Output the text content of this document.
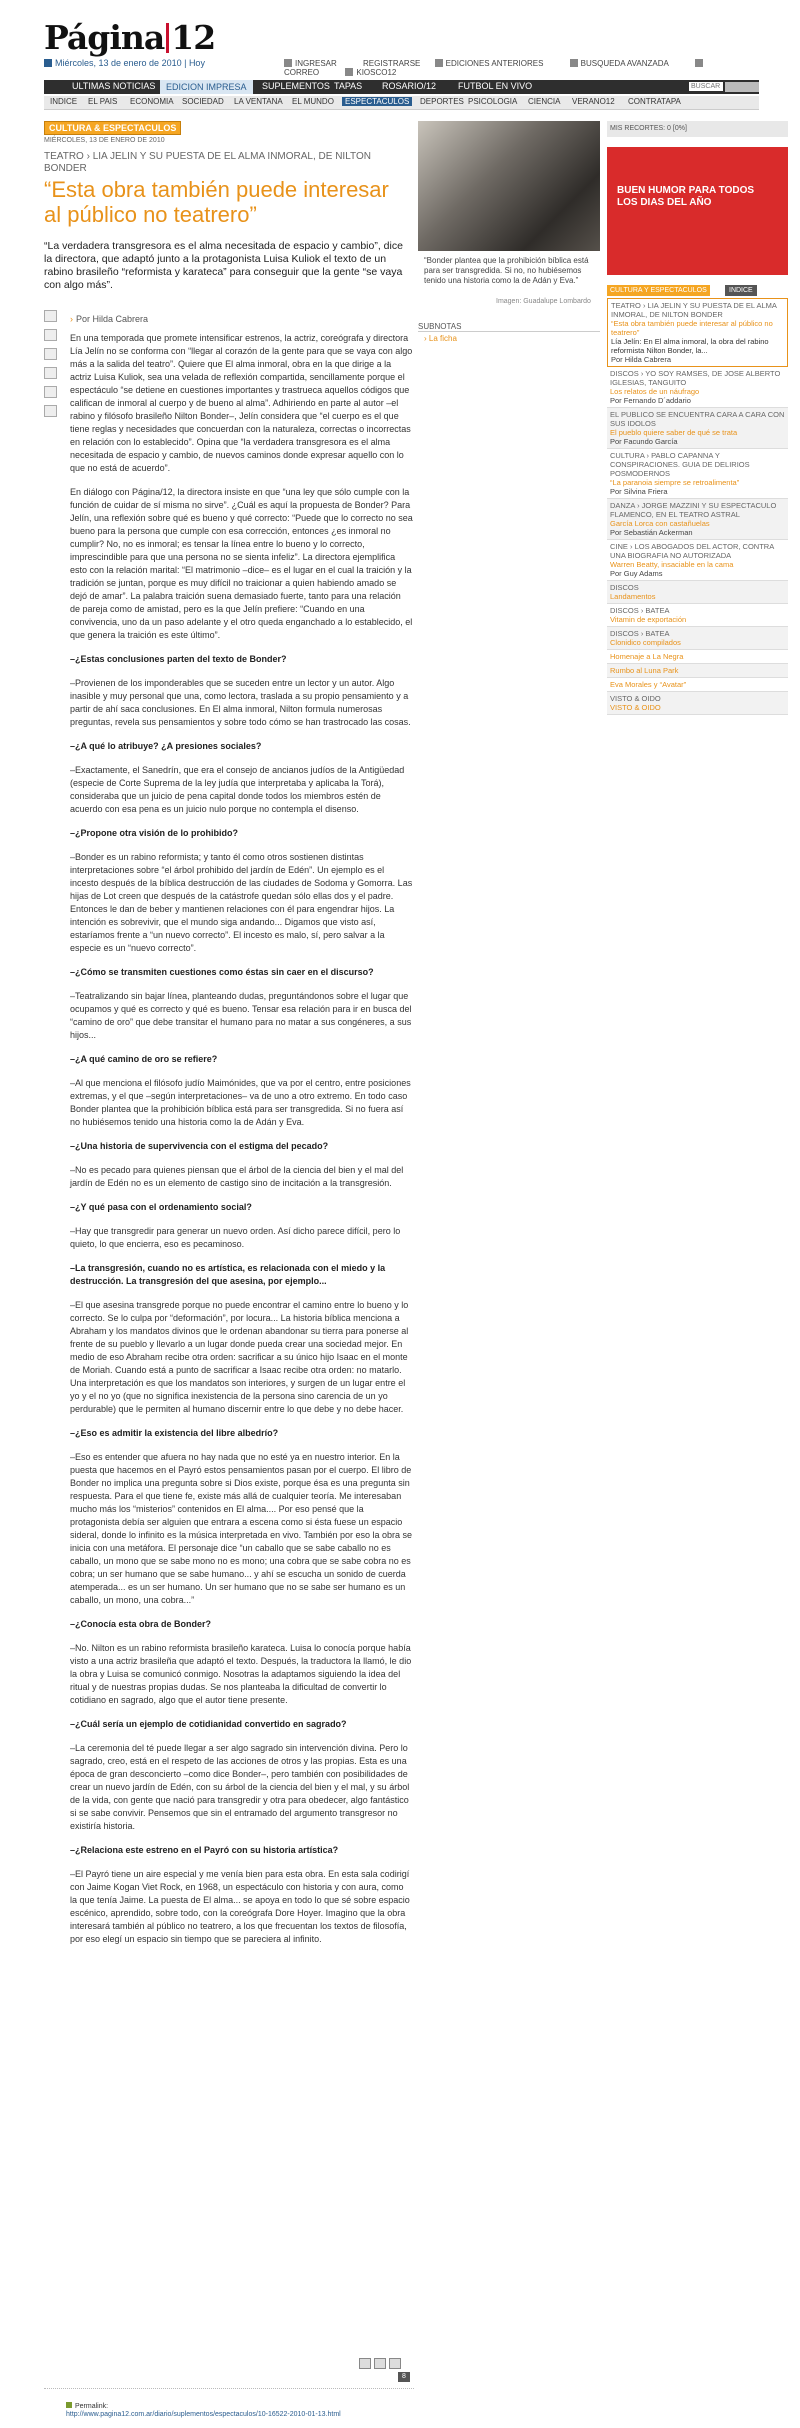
Página 12
Miércoles, 13 de enero de 2010 | Hoy	INGRESAR	REGISTRARSE	EDICIONES ANTERIORES	BUSQUEDA AVANZADA CORREO	KIOSCO12
ULTIMAS NOTICIAS	EDICION IMPRESA	SUPLEMENTOS TAPAS ROSARIO/12 FUTBOL EN VIVO
BUSCAR
INDICE EL PAIS ECONOMIA SOCIEDAD LA VENTANA EL MUNDO	ESPECTACULOS	DEPORTES PSICOLOGIA CIENCIA VERANO12 CONTRATAPA
CULTURA & ESPECTACULOS
MIÉRCOLES, 13 DE ENERO DE 2010
TEATRO › LIA JELIN Y SU PUESTA DE EL ALMA INMORAL, DE NILTON BONDER
“Esta obra también puede interesar al público no teatrero”
“La verdadera transgresora es el alma necesitada de espacio y cambio”, dice la directora, que adaptó junto a la protagonista Luisa Kuliok el texto de un rabino brasileño “reformista y karateca” para conseguir que la gente “se vaya con algo más”.
› Por Hilda Cabrera

En una temporada que promete intensificar estrenos, la actriz, coreógrafa y directora Lía Jelín no se conforma con “llegar al corazón de la gente para que se vaya con algo más a la salida del teatro”. Quiere que El alma inmoral, obra en la que dirige a la actriz Luisa Kuliok, sea una velada de reflexión compartida, sencillamente porque el espectáculo “se detiene en cuestiones importantes y trastrueca aquellos códigos que califican de inmoral al cuerpo y de bueno al alma”. Adhiriendo en parte al autor –el rabino y filósofo brasileño Nilton Bonder–, Jelín considera que “el cuerpo es el que tiene reglas y necesidades que concuerdan con la naturaleza, correctas o incorrectas en relación con lo establecido”. Opina que “la verdadera transgresora es el alma necesitada de espacio y cambio, de nuevos caminos donde expresar aquello con lo que no está de acuerdo”.

En diálogo con Página/12, la directora insiste en que “una ley que sólo cumple con la función de cuidar de sí misma no sirve”. ¿Cuál es aquí la propuesta de Bonder? Para Jelín, una reflexión sobre qué es bueno y qué correcto: “Puede que lo correcto no sea bueno para la persona que cumple con esa corrección, entonces ¿es inmoral no cumplir? No, no es inmoral; es tensar la línea entre lo bueno y lo correcto, imprescindible para que una persona no se sienta infeliz”. La directora ejemplifica esto con la relación marital: “El matrimonio –dice– es el lugar en el cual la traición y la tradición se juntan, porque es muy difícil no traicionar a quien habiendo amado se dejó de amar”. La palabra traición suena demasiado fuerte, tanto para una relación de pareja como de amistad, pero es la que Jelín prefiere: “Cuando en una convivencia, uno da un paso adelante y el otro queda enganchado a lo establecido, el que genera la traición es este último”.

–¿Estas conclusiones parten del texto de Bonder?

–Provienen de los imponderables que se suceden entre un lector y un autor. Algo inasible y muy personal que una, como lectora, traslada a su propio pensamiento y a partir de ahí saca conclusiones. En El alma inmoral, Nilton formula numerosas preguntas, revela sus pensamientos y sobre todo cómo se han trastrocado las cosas.

–¿A qué lo atribuye? ¿A presiones sociales?

–Exactamente, el Sanedrín, que era el consejo de ancianos judíos de la Antigüedad (especie de Corte Suprema de la ley judía que interpretaba y aplicaba la Torá), consideraba que un juicio de pena capital donde todos los miembros estén de acuerdo con esa pena es un juicio nulo porque no contempla el disenso.

–¿Propone otra visión de lo prohibido?

–Bonder es un rabino reformista; y tanto él como otros sostienen distintas interpretaciones sobre “el árbol prohibido del jardín de Edén”. Un ejemplo es el incesto después de la bíblica destrucción de las ciudades de Sodoma y Gomorra. Las hijas de Lot creen que después de la catástrofe quedan sólo ellas dos y el padre. Entonces le dan de beber y mantienen relaciones con él para engendrar hijos. La intención es sobrevivir, que el mundo siga andando... Digamos que visto así, estaríamos frente a “un nuevo correcto”. El incesto es malo, sí, pero salvar a la especie es un “nuevo correcto”.

–¿Cómo se transmiten cuestiones como éstas sin caer en el discurso?

–Teatralizando sin bajar línea, planteando dudas, preguntándonos sobre el lugar que ocupamos y qué es correcto y qué es bueno. Tensar esa relación para ir en busca del “camino de oro” que debe transitar el humano para no matar a sus congéneres, a sus hijos...

–¿A qué camino de oro se refiere?

–Al que menciona el filósofo judío Maimónides, que va por el centro, entre posiciones extremas, y el que –según interpretaciones– va de uno a otro extremo. En todo caso Bonder plantea que la prohibición bíblica está para ser transgredida. Si no fuera así no hubiésemos tenido una historia como la de Adán y Eva.

–¿Una historia de supervivencia con el estigma del pecado?

–No es pecado para quienes piensan que el árbol de la ciencia del bien y el mal del jardín de Edén no es un elemento de castigo sino de incitación a la transgresión.

–¿Y qué pasa con el ordenamiento social?

–Hay que transgredir para generar un nuevo orden. Así dicho parece difícil, pero lo quieto, lo que encierra, eso es pecaminoso.

–La transgresión, cuando no es artística, es relacionada con el miedo y la destrucción. La transgresión del que asesina, por ejemplo...

–El que asesina transgrede porque no puede encontrar el camino entre lo bueno y lo correcto. Se lo culpa por “deformación”, por locura... La historia bíblica menciona a Abraham y los mandatos divinos que le ordenan abandonar su tierra para ponerse al frente de su pueblo y llevarlo a un lugar donde pueda crear una sociedad mejor. En medio de eso Abraham recibe otra orden: sacrificar a su único hijo Isaac en el monte de Moriah. Cuando está a punto de sacrificar a Isaac recibe otra orden: no matarlo. Una interpretación es que los mandatos son interiores, y surgen de un lugar entre el yo y el no yo (que no significa inexistencia de la persona sino carencia de un yo perdurable) que le permiten al humano discernir entre lo que debe y no debe hacer.

–¿Eso es admitir la existencia del libre albedrío?

–Eso es entender que afuera no hay nada que no esté ya en nuestro interior. En la puesta que hacemos en el Payró estos pensamientos pasan por el cuerpo. El libro de Bonder no implica una pregunta sobre si Dios existe, porque ésa es una pregunta sin respuesta. Para el que tiene fe, existe más allá de cualquier teoría. Me interesaban mucho más los “misterios” contenidos en El alma.... Por eso pensé que la protagonista debía ser alguien que entrara a escena como si ésta fuese un espacio sideral, donde lo infinito es la música interpretada en vivo. También por eso la obra se inicia con una metáfora. El personaje dice “un caballo que se sabe caballo no es caballo, un mono que se sabe mono no es mono; una cobra que se sabe cobra no es cobra; un ser humano que se sabe humano... y ahí se escucha un sonido de cuerda atemperada... es un ser humano. Un ser humano que no se sabe ser humano es un caballo, un mono, una cobra...”

–¿Conocía esta obra de Bonder?

–No. Nilton es un rabino reformista brasileño karateca. Luisa lo conocía porque había visto a una actriz brasileña que adaptó el texto. Después, la traductora la llamó, le dio la obra y Luisa se comunicó conmigo. Nosotras la adaptamos siguiendo la idea del ritual y de nuestras propias dudas. Se nos planteaba la dificultad de convertir lo cotidiano en sagrado, algo que el autor tiene presente.

–¿Cuál sería un ejemplo de cotidianidad convertido en sagrado?

–La ceremonia del té puede llegar a ser algo sagrado sin intervención divina. Pero lo sagrado, creo, está en el respeto de las acciones de otros y las propias. Esta es una época de gran desconcierto –como dice Bonder–, pero también con posibilidades de crear un nuevo jardín de Edén, con su árbol de la ciencia del bien y el mal, y su árbol de la vida, con gente que nació para transgredir y otra para obedecer, algo fantástico si se sabe convivir. Pensemos que sin el entramado del argumento transgresor no existiría historia.

–¿Relaciona este estreno en el Payró con su historia artística?

–El Payró tiene un aire especial y me venía bien para esta obra. En esta sala codirigí con Jaime Kogan Viet Rock, en 1968, un espectáculo con historia y con aura, como la que tenía Jaime. La puesta de El alma... se apoya en todo lo que sé sobre espacio escénico, aprendido, sobre todo, con la coreógrafa Dore Hoyer. Imagino que la obra interesará también al público no teatrero, a los que frecuentan los textos de filosofía, por eso elegí un espacio sin tiempo que se pareciera al infinito.

“Bonder plantea que la prohibición bíblica está para ser transgredida. Si no, no hubiésemos tenido una historia como la de Adán y Eva.”
Imagen: Guadalupe Lombardo
SUBNOTAS
› La ficha
MIS RECORTES: 0 [0%]
BUEN HUMOR PARA TODOS LOS DIAS DEL AÑO
CULTURA Y ESPECTACULOS	INDICE
TEATRO › LIA JELIN Y SU PUESTA DE EL ALMA INMORAL, DE NILTON BONDER
“Esta obra también puede interesar al público no teatrero”
Lía Jelín: En El alma inmoral, la obra del rabino reformista Nilton Bonder, la...
Por Hilda Cabrera
DISCOS › YO SOY RAMSES, DE JOSE ALBERTO IGLESIAS, TANGUITO
Los relatos de un náufrago
Por Fernando D´addario
EL PUBLICO SE ENCUENTRA CARA A CARA CON SUS IDOLOS
El pueblo quiere saber de qué se trata
Por Facundo García
CULTURA › PABLO CAPANNA Y CONSPIRACIONES. GUIA DE DELIRIOS POSMODERNOS
“La paranoia siempre se retroalimenta”
Por Silvina Friera
DANZA › JORGE MAZZINI Y SU ESPECTACULO FLAMENCO, EN EL TEATRO ASTRAL
García Lorca con castañuelas
Por Sebastián Ackerman
CINE › LOS ABOGADOS DEL ACTOR, CONTRA UNA BIOGRAFIA NO AUTORIZADA
Warren Beatty, insaciable en la cama
Por Guy Adams
DISCOS
Landamentos
DISCOS › BATEA
Vitamin de exportación
DISCOS › BATEA
Clonidico compilados
Homenaje a La Negra
Rumbo al Luna Park
Eva Morales y “Avatar”
VISTO & OIDO
VISTO & OIDO
8
Permalink:
http://www.pagina12.com.ar/diario/suplementos/espectaculos/10-16522-2010-01-13.html
